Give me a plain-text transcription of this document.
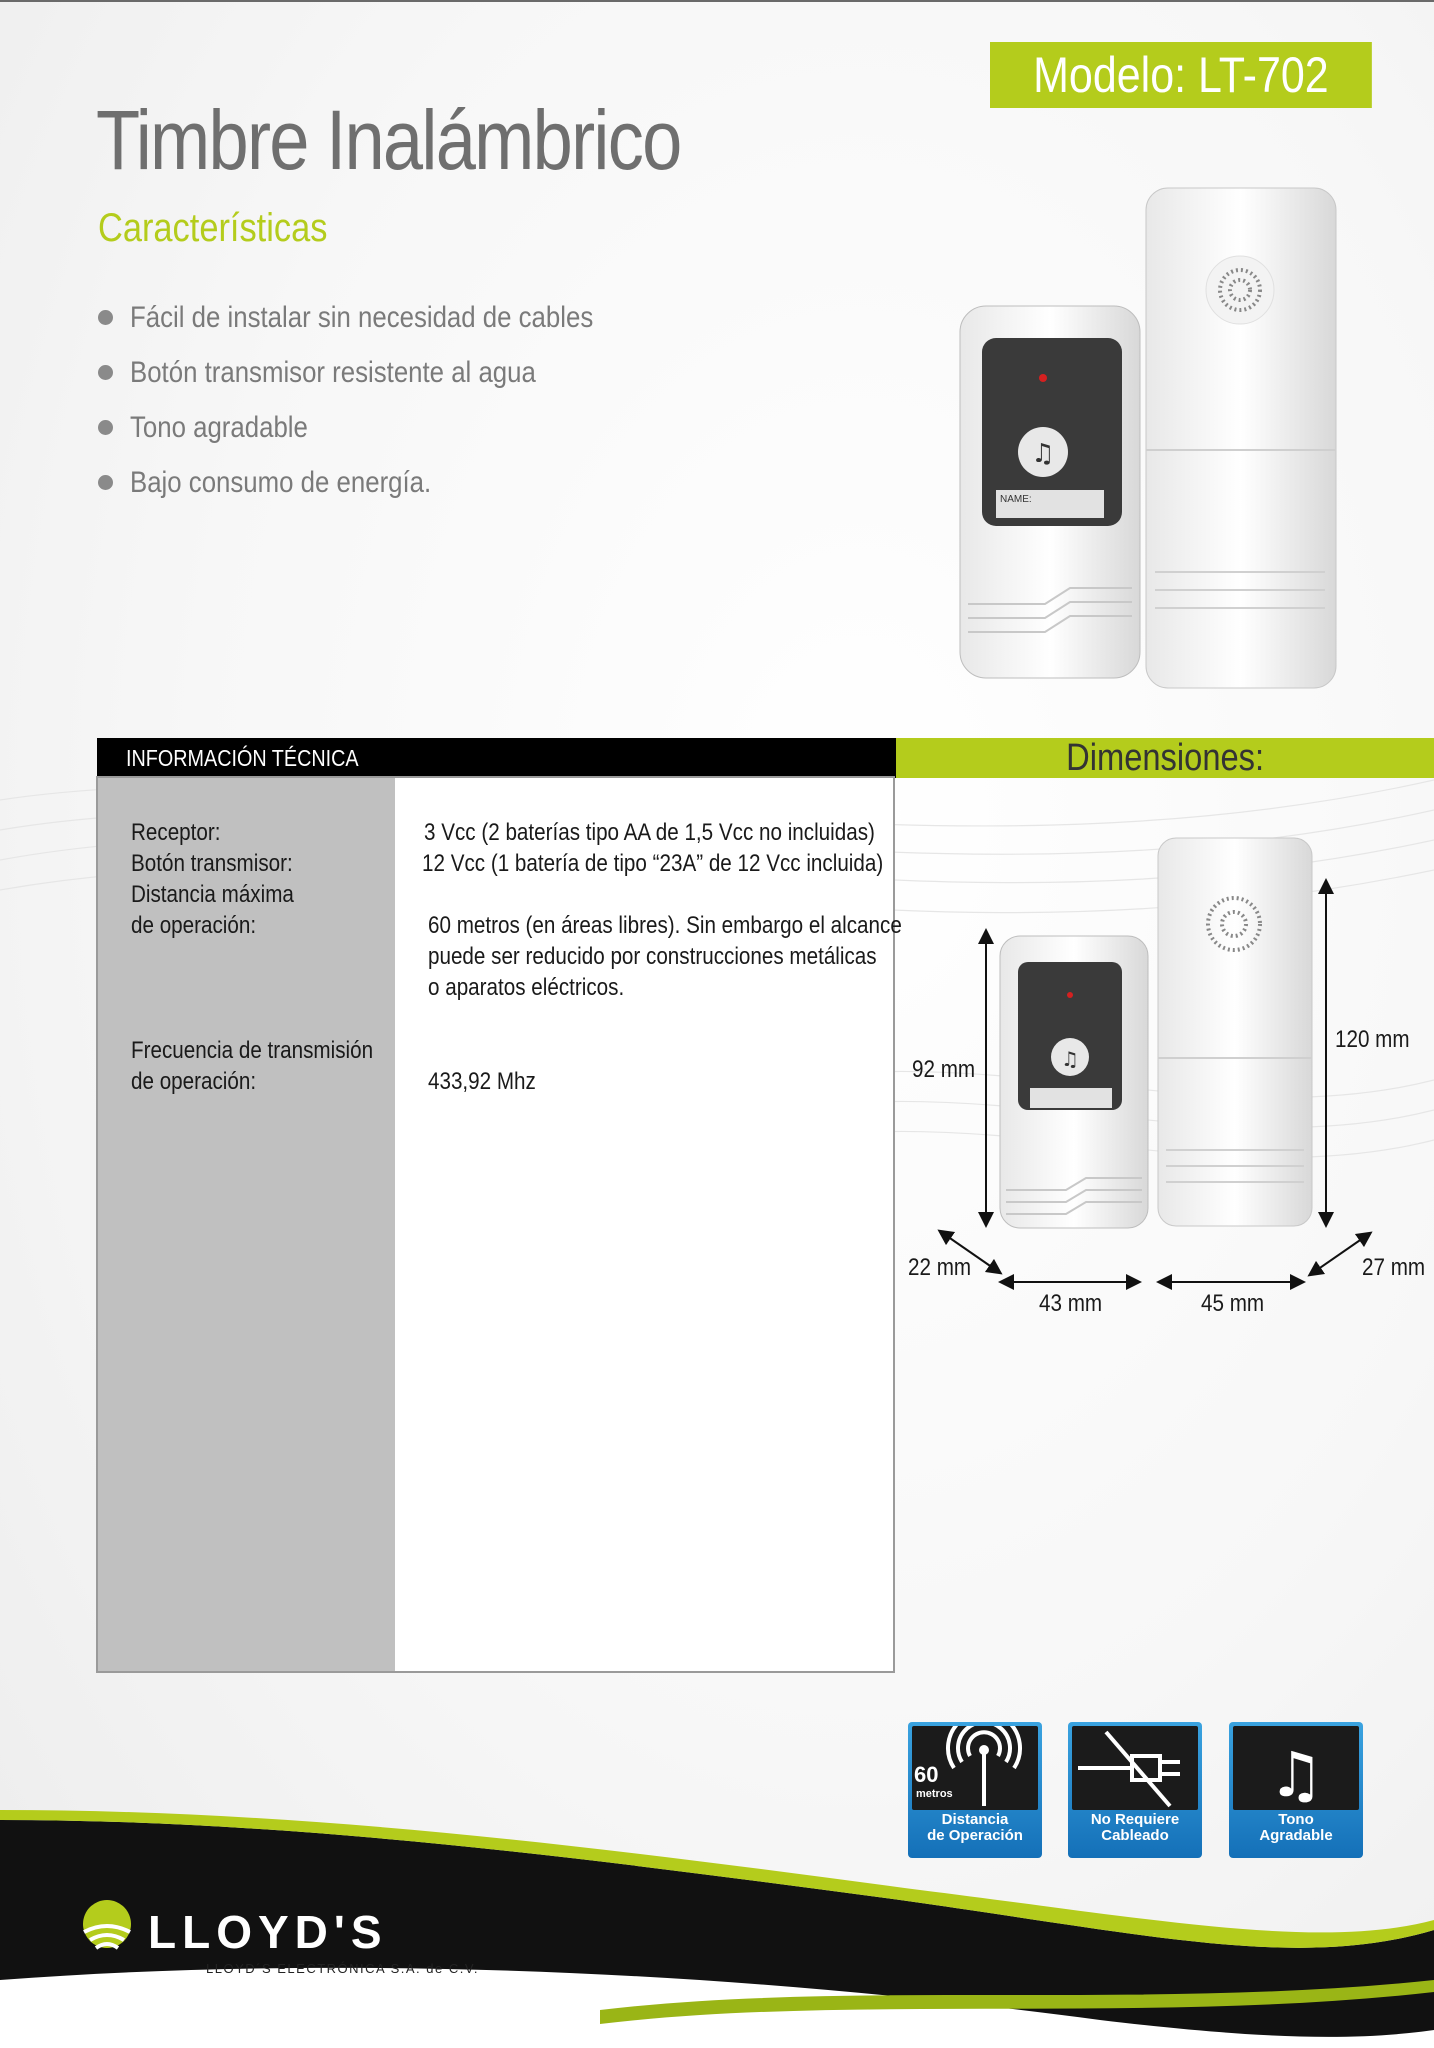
Modelo: LT-702
Timbre Inalámbrico
Características
Fácil de instalar sin necesidad de cables
Botón transmisor resistente al agua
Tono agradable
Bajo consumo de energía.
♫
NAME:
INFORMACIÓN TÉCNICA	Dimensiones:
Receptor:
Botón transmisor:
Distancia máxima
de operación:
Frecuencia de transmisión
de operación:
3 Vcc (2 baterías tipo AA de 1,5 Vcc no incluidas)
12 Vcc (1 batería de tipo “23A” de 12 Vcc incluida)
60 metros (en áreas libres). Sin embargo el alcance
puede ser reducido por construcciones metálicas
o aparatos eléctricos.
433,92 Mhz
♫
92 mm
120 mm
22 mm
43 mm	45 mm
27 mm
60
metros
Distancia
de Operación
No Requiere
Cableado
♫
Tono
Agradable
LLOYD'S
LLOYD´S ELECTRÓNICA S.A. de C.V.
